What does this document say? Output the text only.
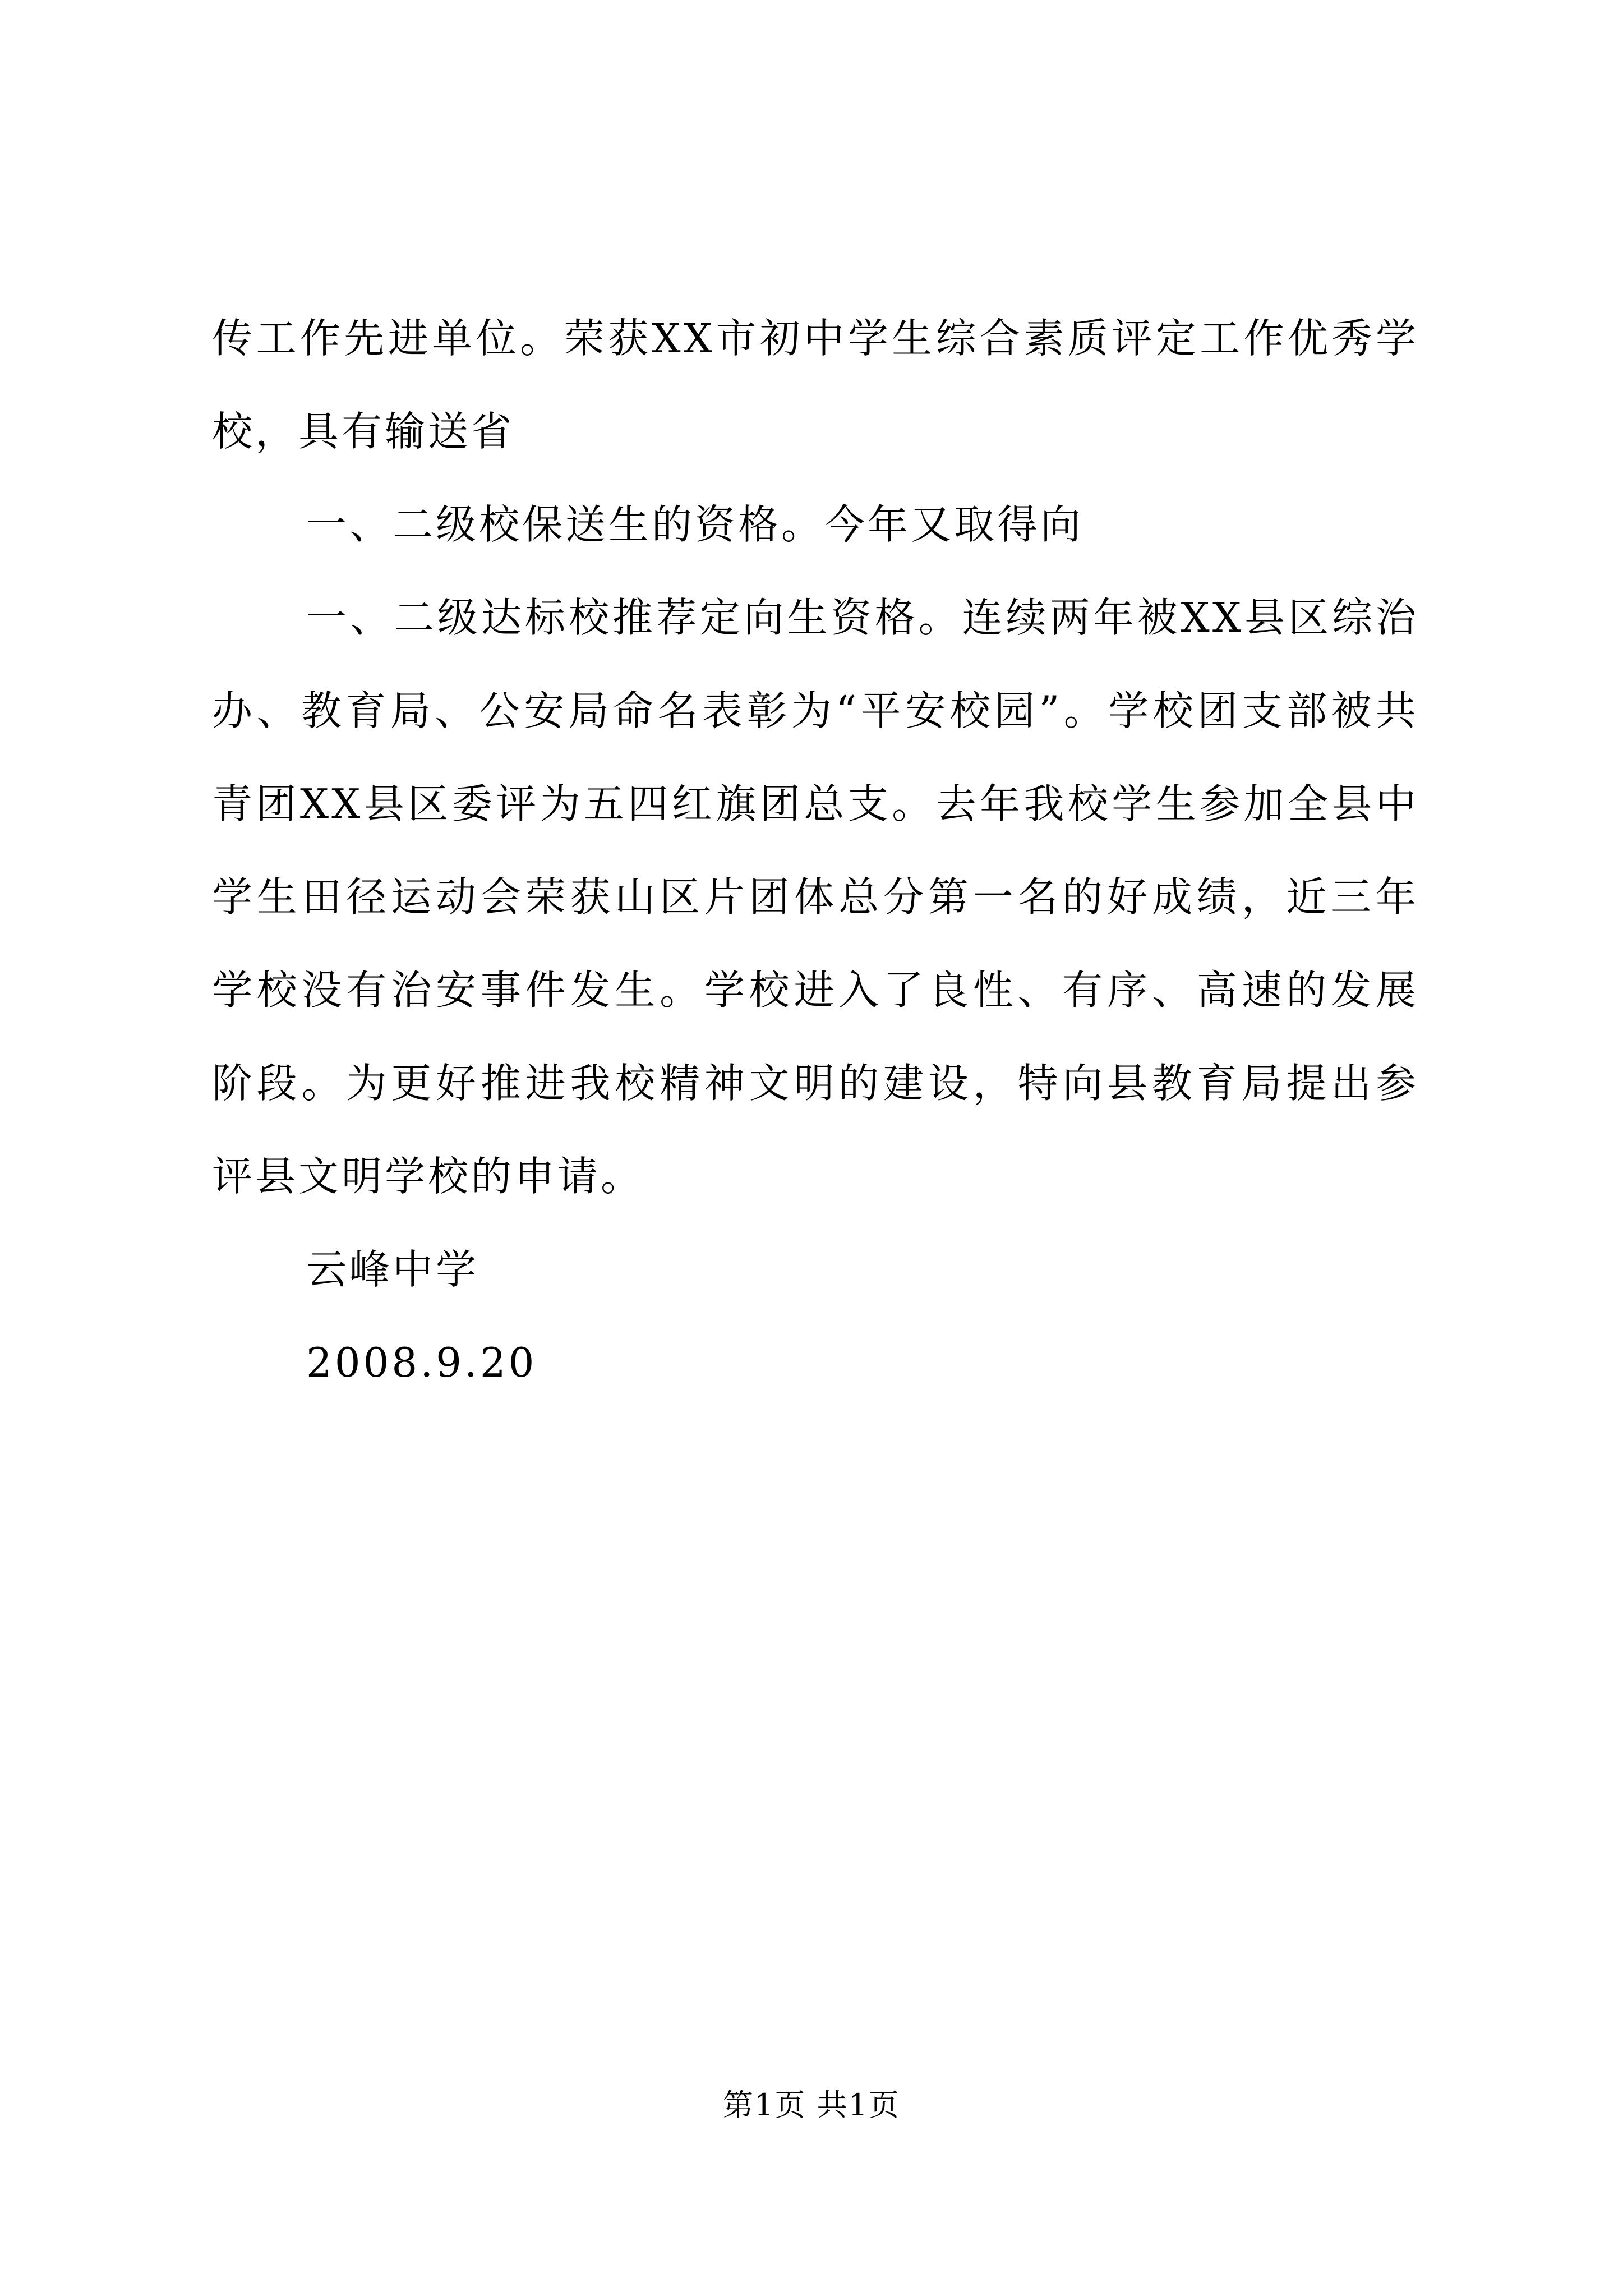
传工作先进单位。荣获XX市初中学生综合素质评定工作优秀学校，具有输送省

一、二级校保送生的资格。今年又取得向

一、二级达标校推荐定向生资格。连续两年被XX县区综治办、教育局、公安局命名表彰为“平安校园”。学校团支部被共青团XX县区委评为五四红旗团总支。去年我校学生参加全县中学生田径运动会荣获山区片团体总分第一名的好成绩，近三年学校没有治安事件发生。学校进入了良性、有序、高速的发展阶段。为更好推进我校精神文明的建设，特向县教育局提出参评县文明学校的申请。

云峰中学

2008.9.20

第1页 共1页
